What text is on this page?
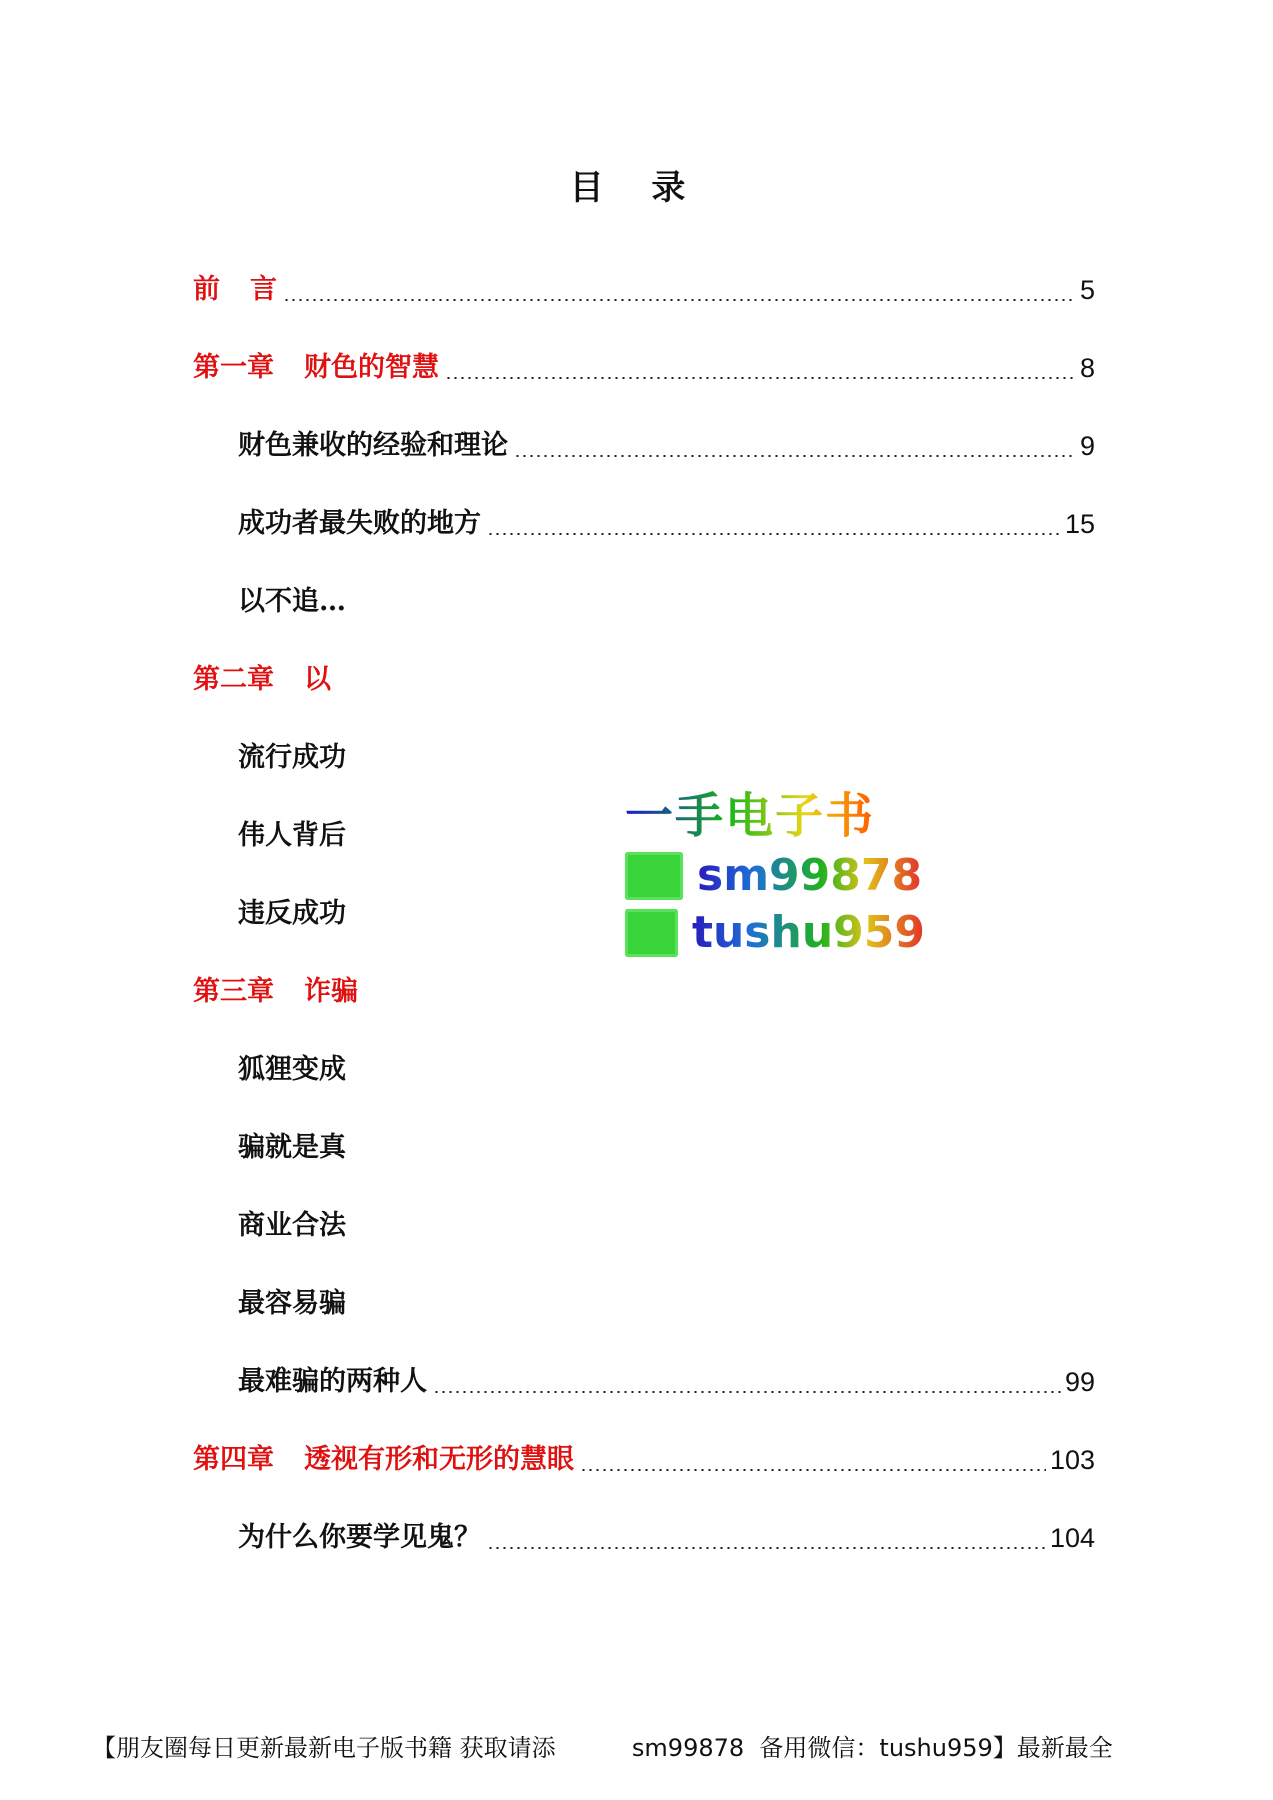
目 录
前 言	5
第一章 财色的智慧	8
财色兼收的经验和理论	9
成功者最失败的地方	15
以不追…
第二章 以
流行成功
伟人背后
违反成功
第三章 诈骗
狐狸变成
骗就是真
商业合法
最容易骗
最难骗的两种人	99
第四章 透视有形和无形的慧眼	103
为什么你要学见鬼？	104
一手电子书
sm99878
tushu959
【朋友圈每日更新最新电子版书籍 获取请添          sm99878  备用微信：tushu959】最新最全
